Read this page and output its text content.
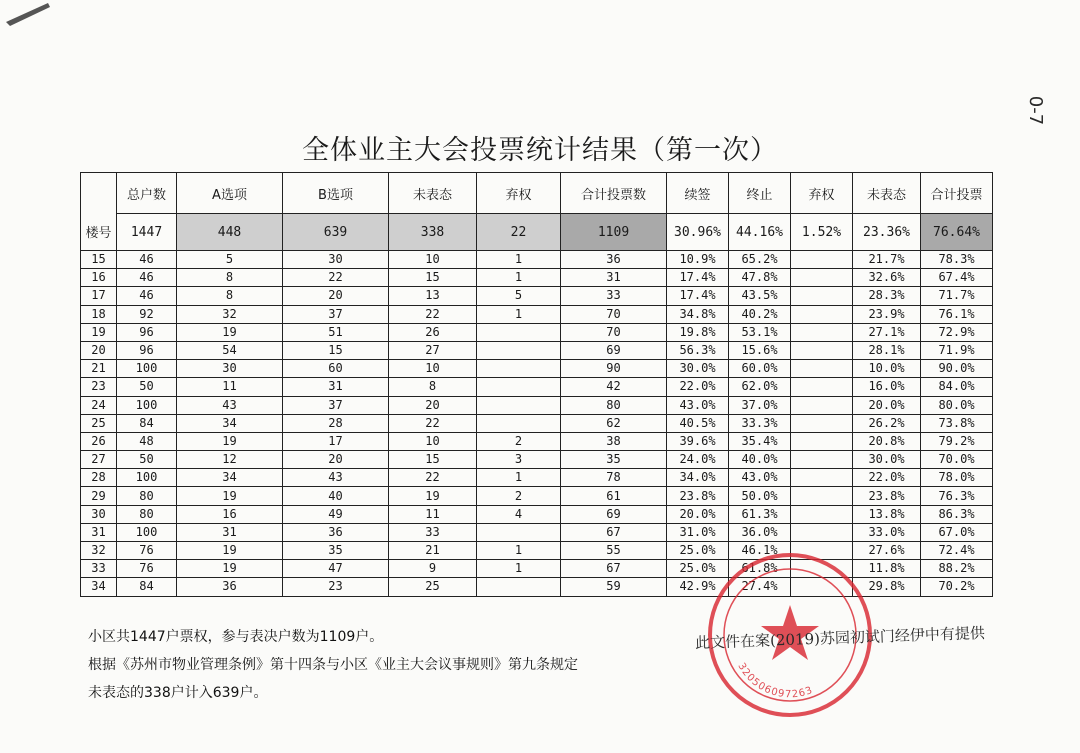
0-7
全体业主大会投票统计结果（第一次）
	总户数	A选项	B选项	未表态	弃权	合计投票数	续签	终止	弃权	未表态	合计投票
楼号	1447	448	639	338	22	1109	30.96%	44.16%	1.52%	23.36%	76.64%
15	46	5	30	10	1	36	10.9%	65.2%		21.7%	78.3%
16	46	8	22	15	1	31	17.4%	47.8%		32.6%	67.4%
17	46	8	20	13	5	33	17.4%	43.5%		28.3%	71.7%
18	92	32	37	22	1	70	34.8%	40.2%		23.9%	76.1%
19	96	19	51	26		70	19.8%	53.1%		27.1%	72.9%
20	96	54	15	27		69	56.3%	15.6%		28.1%	71.9%
21	100	30	60	10		90	30.0%	60.0%		10.0%	90.0%
23	50	11	31	8		42	22.0%	62.0%		16.0%	84.0%
24	100	43	37	20		80	43.0%	37.0%		20.0%	80.0%
25	84	34	28	22		62	40.5%	33.3%		26.2%	73.8%
26	48	19	17	10	2	38	39.6%	35.4%		20.8%	79.2%
27	50	12	20	15	3	35	24.0%	40.0%		30.0%	70.0%
28	100	34	43	22	1	78	34.0%	43.0%		22.0%	78.0%
29	80	19	40	19	2	61	23.8%	50.0%		23.8%	76.3%
30	80	16	49	11	4	69	20.0%	61.3%		13.8%	86.3%
31	100	31	36	33		67	31.0%	36.0%		33.0%	67.0%
32	76	19	35	21	1	55	25.0%	46.1%		27.6%	72.4%
33	76	19	47	9	1	67	25.0%	61.8%		11.8%	88.2%
34	84	36	23	25		59	42.9%	27.4%		29.8%	70.2%
320506097263
小区共1447户票权，参与表决户数为1109户。
根据《苏州市物业管理条例》第十四条与小区《业主大会议事规则》第九条规定
未表态的338户计入639户。
此文件在案(2019)苏园初试门经伊中有提供
